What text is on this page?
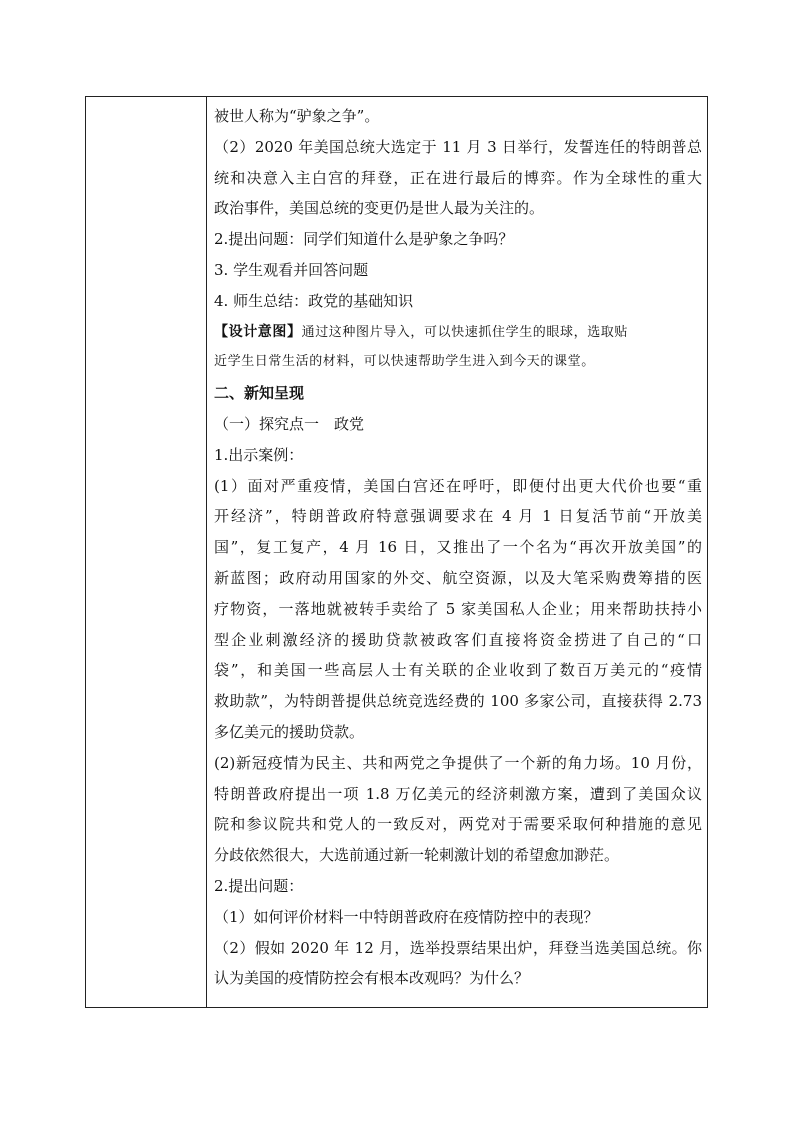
被世人称为“驴象之争”。
（2）2020 年美国总统大选定于 11 月 3 日举行，发誓连任的特朗普总
统和决意入主白宫的拜登，正在进行最后的博弈。作为全球性的重大
政治事件，美国总统的变更仍是世人最为关注的。
2.提出问题：同学们知道什么是驴象之争吗？
3. 学生观看并回答问题
4. 师生总结：政党的基础知识
【设计意图】通过这种图片导入，可以快速抓住学生的眼球，选取贴
近学生日常生活的材料，可以快速帮助学生进入到今天的课堂。
二、新知呈现
（一）探究点一　政党
1.出示案例：
(1）面对严重疫情，美国白宫还在呼吁，即便付出更大代价也要“重
开经济”，特朗普政府特意强调要求在 4 月 1 日复活节前“开放美
国”，复工复产，4 月 16 日，又推出了一个名为“再次开放美国”的
新蓝图；政府动用国家的外交、航空资源，以及大笔采购费筹措的医
疗物资，一落地就被转手卖给了 5 家美国私人企业；用来帮助扶持小
型企业刺激经济的援助贷款被政客们直接将资金捞进了自己的“口
袋”，和美国一些高层人士有关联的企业收到了数百万美元的“疫情
救助款”，为特朗普提供总统竞选经费的 100 多家公司，直接获得 2.73
多亿美元的援助贷款。
(2)新冠疫情为民主、共和两党之争提供了一个新的角力场。10 月份，
特朗普政府提出一项 1.8 万亿美元的经济刺激方案，遭到了美国众议
院和参议院共和党人的一致反对，两党对于需要采取何种措施的意见
分歧依然很大，大选前通过新一轮刺激计划的希望愈加渺茫。
2.提出问题：
（1）如何评价材料一中特朗普政府在疫情防控中的表现？
（2）假如 2020 年 12 月，选举投票结果出炉，拜登当选美国总统。你
认为美国的疫情防控会有根本改观吗？为什么？
